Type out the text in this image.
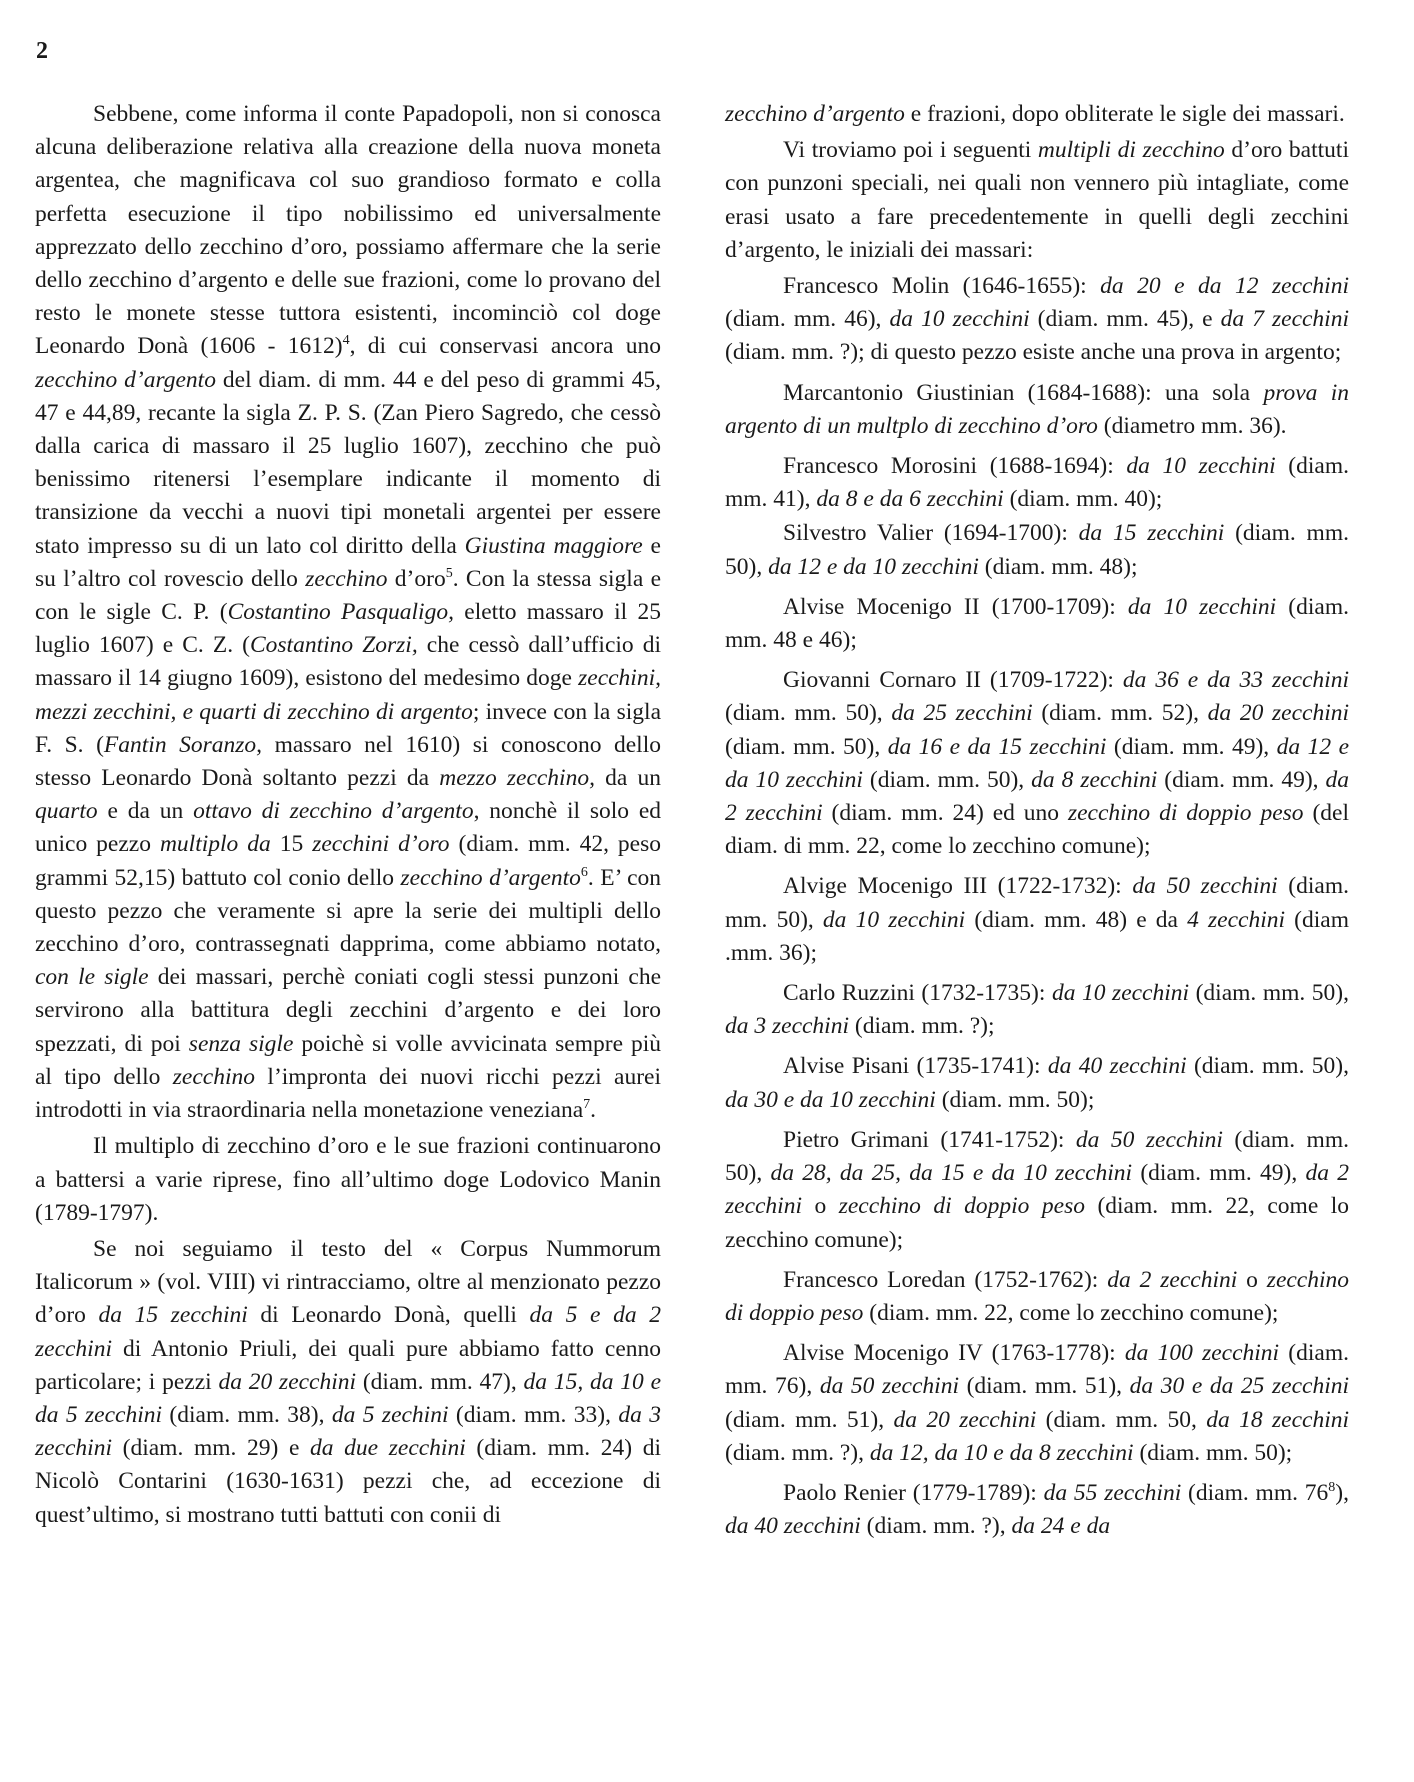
2

Sebbene, come informa il conte Papadopoli, non si conosca alcuna deliberazione relativa alla creazione della nuova moneta argentea, che magnificava col suo grandioso formato e colla perfetta esecuzione il tipo nobilissimo ed universalmente apprezzato dello zecchino d’oro, possiamo affermare che la serie dello zecchino d’argento e delle sue frazioni, come lo provano del resto le monete stesse tuttora esistenti, incominciò col doge Leonardo Donà (1606 - 1612)$^4$, di cui conservasi ancora uno zecchino d’argento del diam. di mm. 44 e del peso di grammi 45, 47 e 44,89, recante la sigla Z. P. S. (Zan Piero Sagredo, che cessò dalla carica di massaro il 25 luglio 1607), zecchino che può benissimo ritenersi l’esemplare indicante il momento di transizione da vecchi a nuovi tipi monetali argentei per essere stato impresso su di un lato col diritto della Giustina maggiore e su l’altro col rovescio dello zecchino d’oro$^5$. Con la stessa sigla e con le sigle C. P. (Costantino Pasqualigo, eletto massaro il 25 luglio 1607) e C. Z. (Costantino Zorzi, che cessò dall’ufficio di massaro il 14 giugno 1609), esistono del medesimo doge zecchini, mezzi zecchini, e quarti di zecchino di argento; invece con la sigla F. S. (Fantin Soranzo, massaro nel 1610) si conoscono dello stesso Leonardo Donà soltanto pezzi da mezzo zecchino, da un quarto e da un ottavo di zecchino d’argento, nonchè il solo ed unico pezzo multiplo da 15 zecchini d’oro (diam. mm. 42, peso grammi 52,15) battuto col conio dello zecchino d’argento$^6$. E’ con questo pezzo che veramente si apre la serie dei multipli dello zecchino d’oro, contrassegnati dapprima, come abbiamo notato, con le sigle dei massari, perchè coniati cogli stessi punzoni che servirono alla battitura degli zecchini d’argento e dei loro spezzati, di poi senza sigle poichè si volle avvicinata sempre più al tipo dello zecchino l’impronta dei nuovi ricchi pezzi aurei introdotti in via straordinaria nella monetazione veneziana$^7$.

Il multiplo di zecchino d’oro e le sue frazioni continuarono a battersi a varie riprese, fino all’ultimo doge Lodovico Manin (1789-1797).

Se noi seguiamo il testo del « Corpus Nummorum Italicorum » (vol. VIII) vi rintracciamo, oltre al menzionato pezzo d’oro da 15 zecchini di Leonardo Donà, quelli da 5 e da 2 zecchini di Antonio Priuli, dei quali pure abbiamo fatto cenno particolare; i pezzi da 20 zecchini (diam. mm. 47), da 15, da 10 e da 5 zecchini (diam. mm. 38), da 5 zechini (diam. mm. 33), da 3 zecchini (diam. mm. 29) e da due zecchini (diam. mm. 24) di Nicolò Contarini (1630-1631) pezzi che, ad eccezione di quest’ultimo, si mostrano tutti battuti con conii di

zecchino d’argento e frazioni, dopo obliterate le sigle dei massari.

Vi troviamo poi i seguenti multipli di zecchino d’oro battuti con punzoni speciali, nei quali non vennero più intagliate, come erasi usato a fare precedentemente in quelli degli zecchini d’argento, le iniziali dei massari:

Francesco Molin (1646-1655): da 20 e da 12 zecchini (diam. mm. 46), da 10 zecchini (diam. mm. 45), e da 7 zecchini (diam. mm. ?); di questo pezzo esiste anche una prova in argento;

Marcantonio Giustinian (1684-1688): una sola prova in argento di un multplo di zecchino d’oro (diametro mm. 36).

Francesco Morosini (1688-1694): da 10 zecchini (diam. mm. 41), da 8 e da 6 zecchini (diam. mm. 40);

Silvestro Valier (1694-1700): da 15 zecchini (diam. mm. 50), da 12 e da 10 zecchini (diam. mm. 48);

Alvise Mocenigo II (1700-1709): da 10 zecchini (diam. mm. 48 e 46);

Giovanni Cornaro II (1709-1722): da 36 e da 33 zecchini (diam. mm. 50), da 25 zecchini (diam. mm. 52), da 20 zecchini (diam. mm. 50), da 16 e da 15 zecchini (diam. mm. 49), da 12 e da 10 zecchini (diam. mm. 50), da 8 zecchini (diam. mm. 49), da 2 zecchini (diam. mm. 24) ed uno zecchino di doppio peso (del diam. di mm. 22, come lo zecchino comune);

Alvige Mocenigo III (1722-1732): da 50 zecchini (diam. mm. 50), da 10 zecchini (diam. mm. 48) e da 4 zecchini (diam .mm. 36);

Carlo Ruzzini (1732-1735): da 10 zecchini (diam. mm. 50), da 3 zecchini (diam. mm. ?);

Alvise Pisani (1735-1741): da 40 zecchini (diam. mm. 50), da 30 e da 10 zecchini (diam. mm. 50);

Pietro Grimani (1741-1752): da 50 zecchini (diam. mm. 50), da 28, da 25, da 15 e da 10 zecchini (diam. mm. 49), da 2 zecchini o zecchino di doppio peso (diam. mm. 22, come lo zecchino comune);

Francesco Loredan (1752-1762): da 2 zecchini o zecchino di doppio peso (diam. mm. 22, come lo zecchino comune);

Alvise Mocenigo IV (1763-1778): da 100 zecchini (diam. mm. 76), da 50 zecchini (diam. mm. 51), da 30 e da 25 zecchini (diam. mm. 51), da 20 zecchini (diam. mm. 50, da 18 zecchini (diam. mm. ?), da 12, da 10 e da 8 zecchini (diam. mm. 50);

Paolo Renier (1779-1789): da 55 zecchini (diam. mm. $76^8$), da 40 zecchini (diam. mm. ?), da 24 e da
